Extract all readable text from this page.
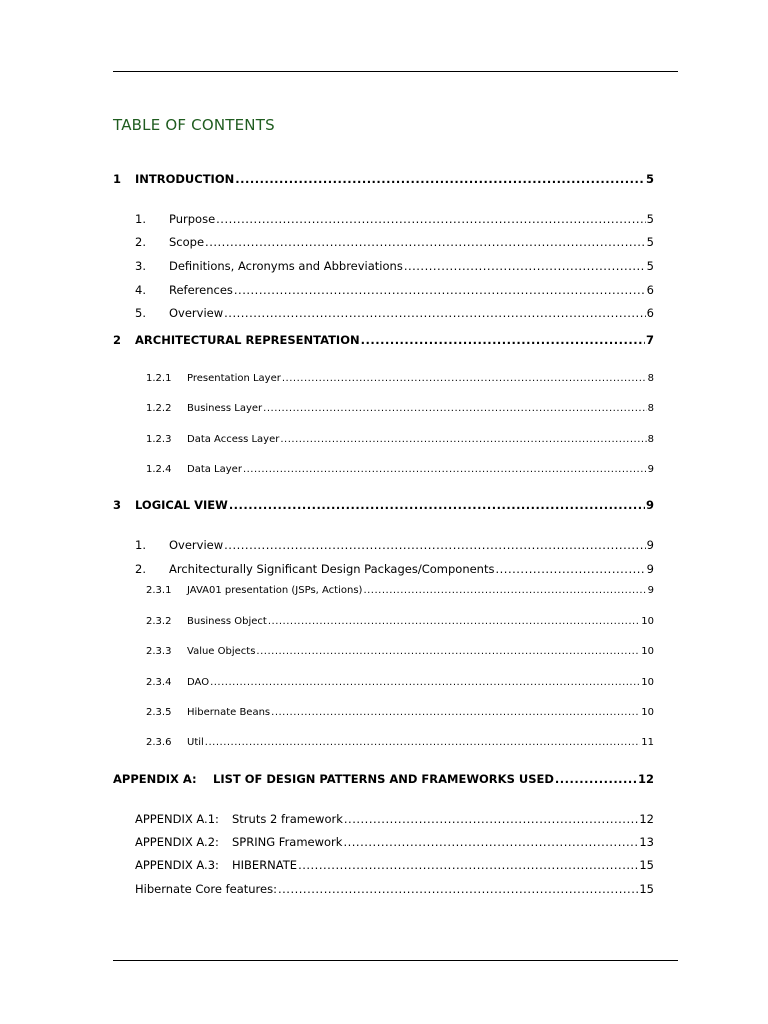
TABLE OF CONTENTS
1	INTRODUCTION .....	5
1.	Purpose .....	5
2.	Scope .....	5
3.	Definitions, Acronyms and Abbreviations .....	5
4.	References .....	6
5.	Overview .....	6
2	ARCHITECTURAL REPRESENTATION .....	7
1.2.1	Presentation Layer .....	8
1.2.2	Business Layer .....	8
1.2.3	Data Access Layer .....	8
1.2.4	Data Layer .....	9
3	LOGICAL VIEW .....	9
1.	Overview .....	9
2.	Architecturally Significant Design Packages/Components .....	9
2.3.1	JAVA01 presentation (JSPs, Actions) .....	9
2.3.2	Business Object .....	10
2.3.3	Value Objects .....	10
2.3.4	DAO .....	10
2.3.5	Hibernate Beans .....	10
2.3.6	Util .....	11
APPENDIX A:	LIST OF DESIGN PATTERNS AND FRAMEWORKS USED .....	12
APPENDIX A.1:	Struts 2 framework .....	12
APPENDIX A.2:	SPRING Framework .....	13
APPENDIX A.3:	HIBERNATE .....	15
Hibernate Core features: .....	15
